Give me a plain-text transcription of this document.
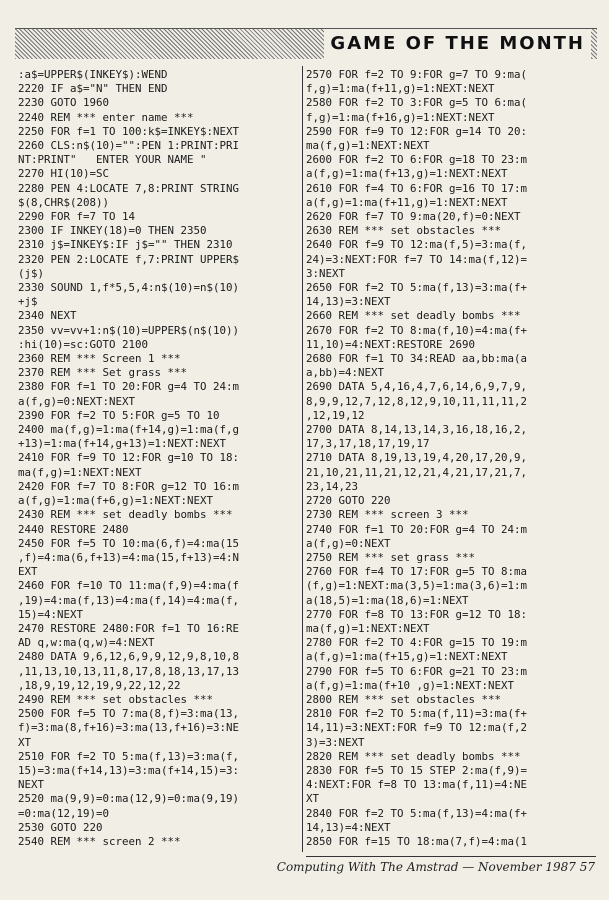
GAME OF THE MONTH
:a$=UPPER$(INKEY$):WEND
2220 IF a$="N" THEN END
2230 GOTO 1960
2240 REM *** enter name ***
2250 FOR f=1 TO 100:k$=INKEY$:NEXT
2260 CLS:n$(10)="":PEN 1:PRINT:PRI
NT:PRINT"   ENTER YOUR NAME "
2270 HI(10)=SC
2280 PEN 4:LOCATE 7,8:PRINT STRING
$(8,CHR$(208))
2290 FOR f=7 TO 14
2300 IF INKEY(18)=0 THEN 2350
2310 j$=INKEY$:IF j$="" THEN 2310
2320 PEN 2:LOCATE f,7:PRINT UPPER$
(j$)
2330 SOUND 1,f*5,5,4:n$(10)=n$(10)
+j$
2340 NEXT
2350 vv=vv+1:n$(10)=UPPER$(n$(10))
:hi(10)=sc:GOTO 2100
2360 REM *** Screen 1 ***
2370 REM *** Set grass ***
2380 FOR f=1 TO 20:FOR g=4 TO 24:m
a(f,g)=0:NEXT:NEXT
2390 FOR f=2 TO 5:FOR g=5 TO 10
2400 ma(f,g)=1:ma(f+14,g)=1:ma(f,g
+13)=1:ma(f+14,g+13)=1:NEXT:NEXT
2410 FOR f=9 TO 12:FOR g=10 TO 18:
ma(f,g)=1:NEXT:NEXT
2420 FOR f=7 TO 8:FOR g=12 TO 16:m
a(f,g)=1:ma(f+6,g)=1:NEXT:NEXT
2430 REM *** set deadly bombs ***
2440 RESTORE 2480
2450 FOR f=5 TO 10:ma(6,f)=4:ma(15
,f)=4:ma(6,f+13)=4:ma(15,f+13)=4:N
EXT
2460 FOR f=10 TO 11:ma(f,9)=4:ma(f
,19)=4:ma(f,13)=4:ma(f,14)=4:ma(f,
15)=4:NEXT
2470 RESTORE 2480:FOR f=1 TO 16:RE
AD q,w:ma(q,w)=4:NEXT
2480 DATA 9,6,12,6,9,9,12,9,8,10,8
,11,13,10,13,11,8,17,8,18,13,17,13
,18,9,19,12,19,9,22,12,22
2490 REM *** set obstacles ***
2500 FOR f=5 TO 7:ma(8,f)=3:ma(13,
f)=3:ma(8,f+16)=3:ma(13,f+16)=3:NE
XT
2510 FOR f=2 TO 5:ma(f,13)=3:ma(f,
15)=3:ma(f+14,13)=3:ma(f+14,15)=3:
NEXT
2520 ma(9,9)=0:ma(12,9)=0:ma(9,19)
=0:ma(12,19)=0
2530 GOTO 220
2540 REM *** screen 2 ***
2570 FOR f=2 TO 9:FOR g=7 TO 9:ma(
f,g)=1:ma(f+11,g)=1:NEXT:NEXT
2580 FOR f=2 TO 3:FOR g=5 TO 6:ma(
f,g)=1:ma(f+16,g)=1:NEXT:NEXT
2590 FOR f=9 TO 12:FOR g=14 TO 20:
ma(f,g)=1:NEXT:NEXT
2600 FOR f=2 TO 6:FOR g=18 TO 23:m
a(f,g)=1:ma(f+13,g)=1:NEXT:NEXT
2610 FOR f=4 TO 6:FOR g=16 TO 17:m
a(f,g)=1:ma(f+11,g)=1:NEXT:NEXT
2620 FOR f=7 TO 9:ma(20,f)=0:NEXT
2630 REM *** set obstacles ***
2640 FOR f=9 TO 12:ma(f,5)=3:ma(f,
24)=3:NEXT:FOR f=7 TO 14:ma(f,12)=
3:NEXT
2650 FOR f=2 TO 5:ma(f,13)=3:ma(f+
14,13)=3:NEXT
2660 REM *** set deadly bombs ***
2670 FOR f=2 TO 8:ma(f,10)=4:ma(f+
11,10)=4:NEXT:RESTORE 2690
2680 FOR f=1 TO 34:READ aa,bb:ma(a
a,bb)=4:NEXT
2690 DATA 5,4,16,4,7,6,14,6,9,7,9,
8,9,9,12,7,12,8,12,9,10,11,11,11,2
,12,19,12
2700 DATA 8,14,13,14,3,16,18,16,2,
17,3,17,18,17,19,17
2710 DATA 8,19,13,19,4,20,17,20,9,
21,10,21,11,21,12,21,4,21,17,21,7,
23,14,23
2720 GOTO 220
2730 REM *** screen 3 ***
2740 FOR f=1 TO 20:FOR g=4 TO 24:m
a(f,g)=0:NEXT
2750 REM *** set grass ***
2760 FOR f=4 TO 17:FOR g=5 TO 8:ma
(f,g)=1:NEXT:ma(3,5)=1:ma(3,6)=1:m
a(18,5)=1:ma(18,6)=1:NEXT
2770 FOR f=8 TO 13:FOR g=12 TO 18:
ma(f,g)=1:NEXT:NEXT
2780 FOR f=2 TO 4:FOR g=15 TO 19:m
a(f,g)=1:ma(f+15,g)=1:NEXT:NEXT
2790 FOR f=5 TO 6:FOR g=21 TO 23:m
a(f,g)=1:ma(f+10 ,g)=1:NEXT:NEXT
2800 REM *** set obstacles ***
2810 FOR f=2 TO 5:ma(f,11)=3:ma(f+
14,11)=3:NEXT:FOR f=9 TO 12:ma(f,2
3)=3:NEXT
2820 REM *** set deadly bombs ***
2830 FOR f=5 TO 15 STEP 2:ma(f,9)=
4:NEXT:FOR f=8 TO 13:ma(f,11)=4:NE
XT
2840 FOR f=2 TO 5:ma(f,13)=4:ma(f+
14,13)=4:NEXT
2850 FOR f=15 TO 18:ma(7,f)=4:ma(1
Computing With The Amstrad — November 1987 57
